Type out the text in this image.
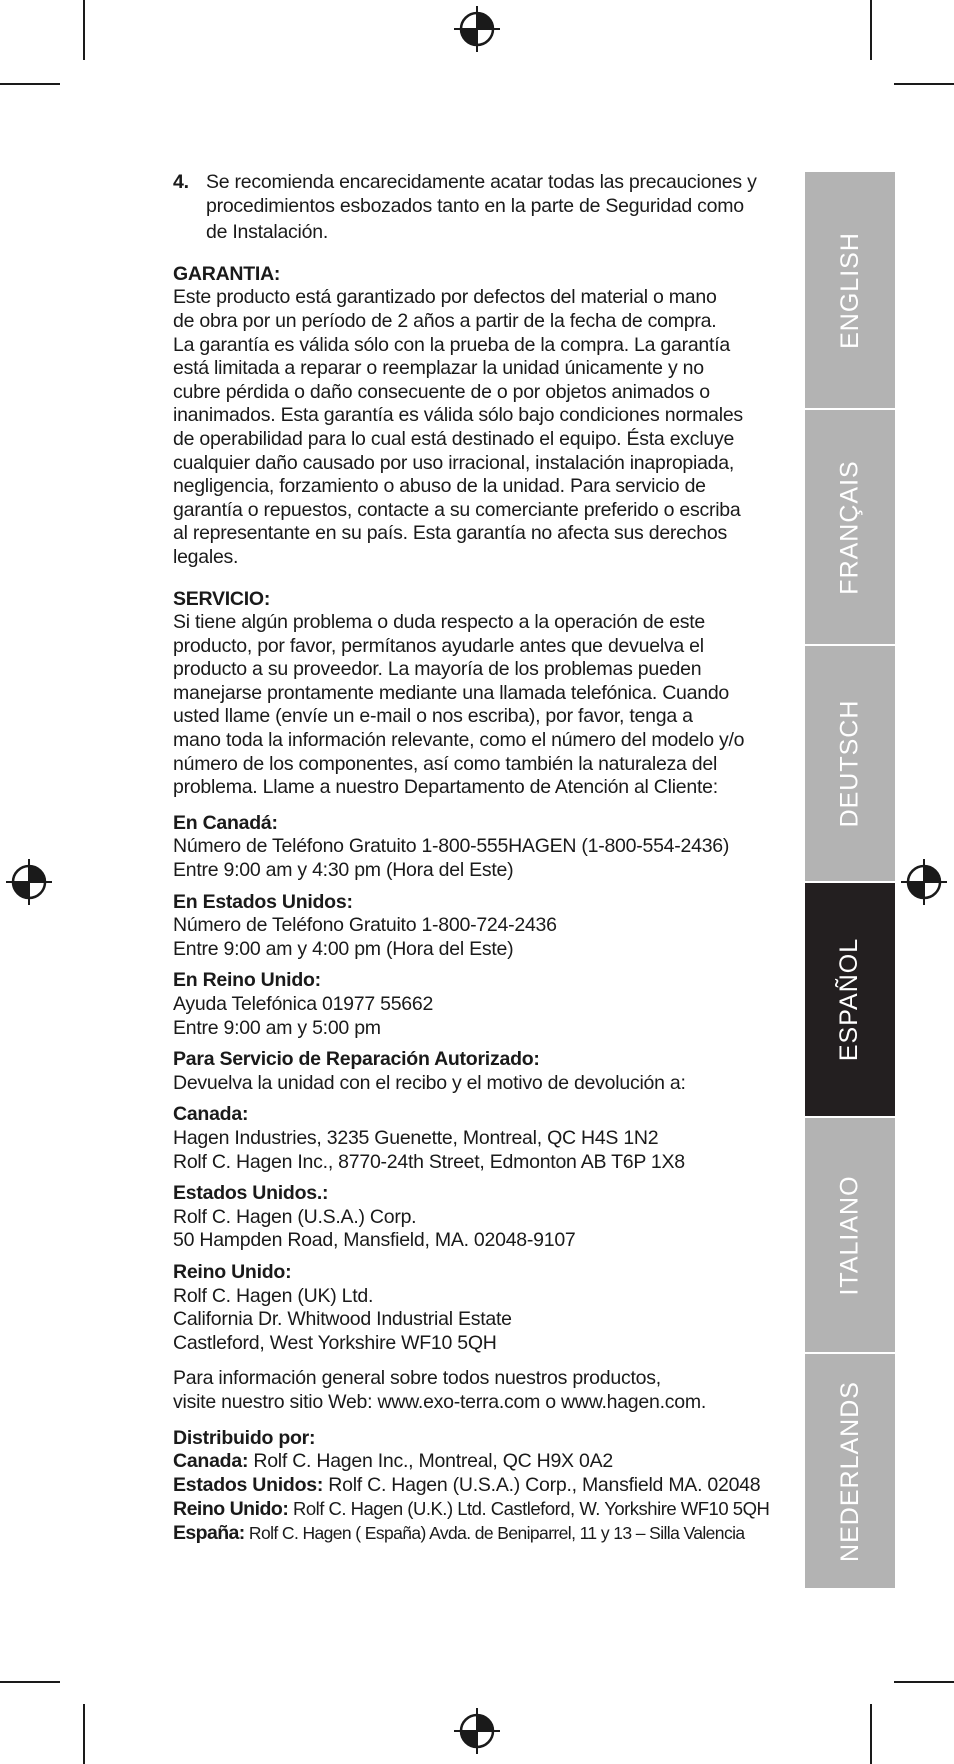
4. Se recomienda encarecidamente acatar todas las precauciones y

procedimientos esbozados tanto en la parte de Seguridad como

de Instalación.

GARANTIA:

Este producto está garantizado por defectos del material o mano

de obra por un período de 2 años a partir de la fecha de compra.

La garantía es válida sólo con la prueba de la compra. La garantía

está limitada a reparar o reemplazar la unidad únicamente y no

cubre pérdida o daño consecuente de o por objetos animados o

inanimados. Esta garantía es válida sólo bajo condiciones normales

de operabilidad para lo cual está destinado el equipo. Ésta excluye

cualquier daño causado por uso irracional, instalación inapropiada,

negligencia, forzamiento o abuso de la unidad. Para servicio de

garantía o repuestos, contacte a su comerciante preferido o escriba

al representante en su país. Esta garantía no afecta sus derechos

legales.

SERVICIO:

Si tiene algún problema o duda respecto a la operación de este

producto, por favor, permítanos ayudarle antes que devuelva el

producto a su proveedor. La mayoría de los problemas pueden

manejarse prontamente mediante una llamada telefónica. Cuando

usted llame (envíe un e-mail o nos escriba), por favor, tenga a

mano toda la información relevante, como el número del modelo y/o

número de los componentes, así como también la naturaleza del

problema. Llame a nuestro Departamento de Atención al Cliente:

En Canadá:

Número de Teléfono Gratuito 1-800-555HAGEN (1-800-554-2436)

Entre 9:00 am y 4:30 pm (Hora del Este)

En Estados Unidos:

Número de Teléfono Gratuito 1-800-724-2436

Entre 9:00 am y 4:00 pm (Hora del Este)

En Reino Unido:

Ayuda Telefónica 01977 55662

Entre 9:00 am y 5:00 pm

Para Servicio de Reparación Autorizado:

Devuelva la unidad con el recibo y el motivo de devolución a:

Canada:

Hagen Industries, 3235 Guenette, Montreal, QC H4S 1N2

Rolf C. Hagen Inc., 8770-24th Street, Edmonton AB T6P 1X8

Estados Unidos.:

Rolf C. Hagen (U.S.A.) Corp.

50 Hampden Road, Mansfield, MA. 02048-9107

Reino Unido:

Rolf C. Hagen (UK) Ltd.

California Dr. Whitwood Industrial Estate

Castleford, West Yorkshire WF10 5QH

Para información general sobre todos nuestros productos,

visite nuestro sitio Web: www.exo-terra.com o www.hagen.com.

Distribuido por:

Canada: Rolf C. Hagen Inc., Montreal, QC H9X 0A2

Estados Unidos: Rolf C. Hagen (U.S.A.) Corp., Mansfield MA. 02048

Reino Unido: Rolf C. Hagen (U.K.) Ltd. Castleford, W. Yorkshire WF10 5QH

España: Rolf C. Hagen ( España) Avda. de Beniparrel, 11 y 13 – Silla Valencia

ENGLISH
FRANÇAIS
DEUTSCH
ESPAÑOL
ITALIANO
NEDERLANDS
